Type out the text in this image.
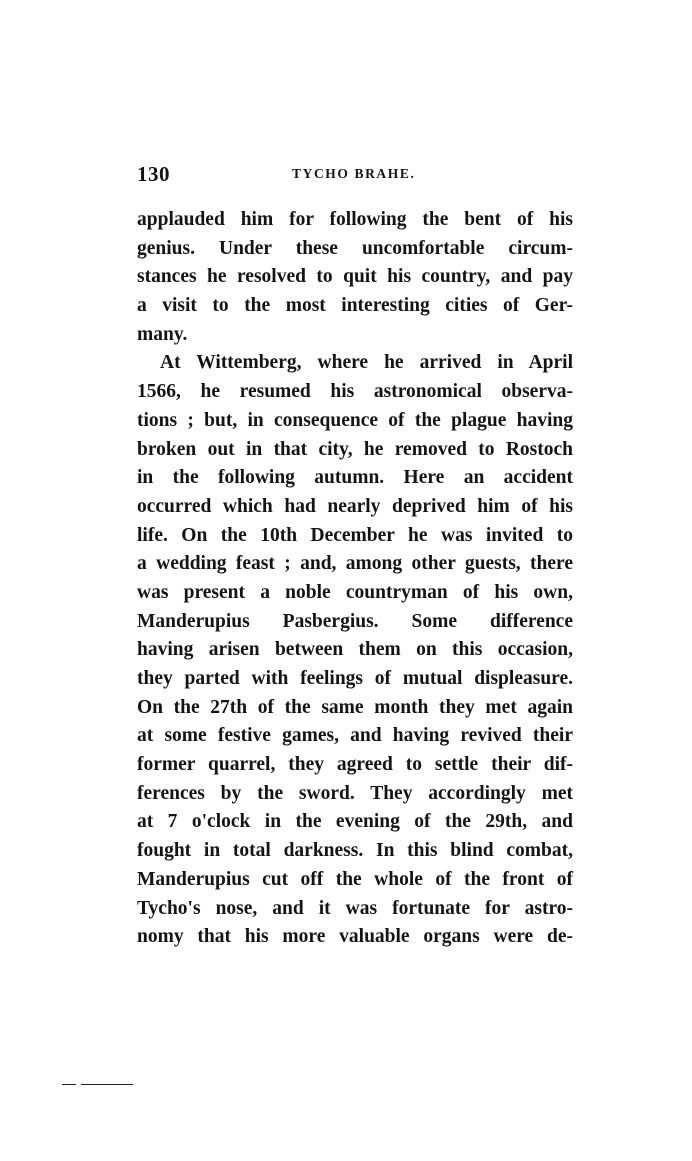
130	TYCHO BRAHE.
applauded him for following the bent of his
genius. Under these uncomfortable circum-
stances he resolved to quit his country, and pay
a visit to the most interesting cities of Ger-
many.
At Wittemberg, where he arrived in April
1566, he resumed his astronomical observa-
tions ; but, in consequence of the plague having
broken out in that city, he removed to Rostoch
in the following autumn. Here an accident
occurred which had nearly deprived him of his
life. On the 10th December he was invited to
a wedding feast ; and, among other guests, there
was present a noble countryman of his own,
Manderupius Pasbergius. Some difference
having arisen between them on this occasion,
they parted with feelings of mutual displeasure.
On the 27th of the same month they met again
at some festive games, and having revived their
former quarrel, they agreed to settle their dif-
ferences by the sword. They accordingly met
at 7 o'clock in the evening of the 29th, and
fought in total darkness. In this blind combat,
Manderupius cut off the whole of the front of
Tycho's nose, and it was fortunate for astro-
nomy that his more valuable organs were de-
